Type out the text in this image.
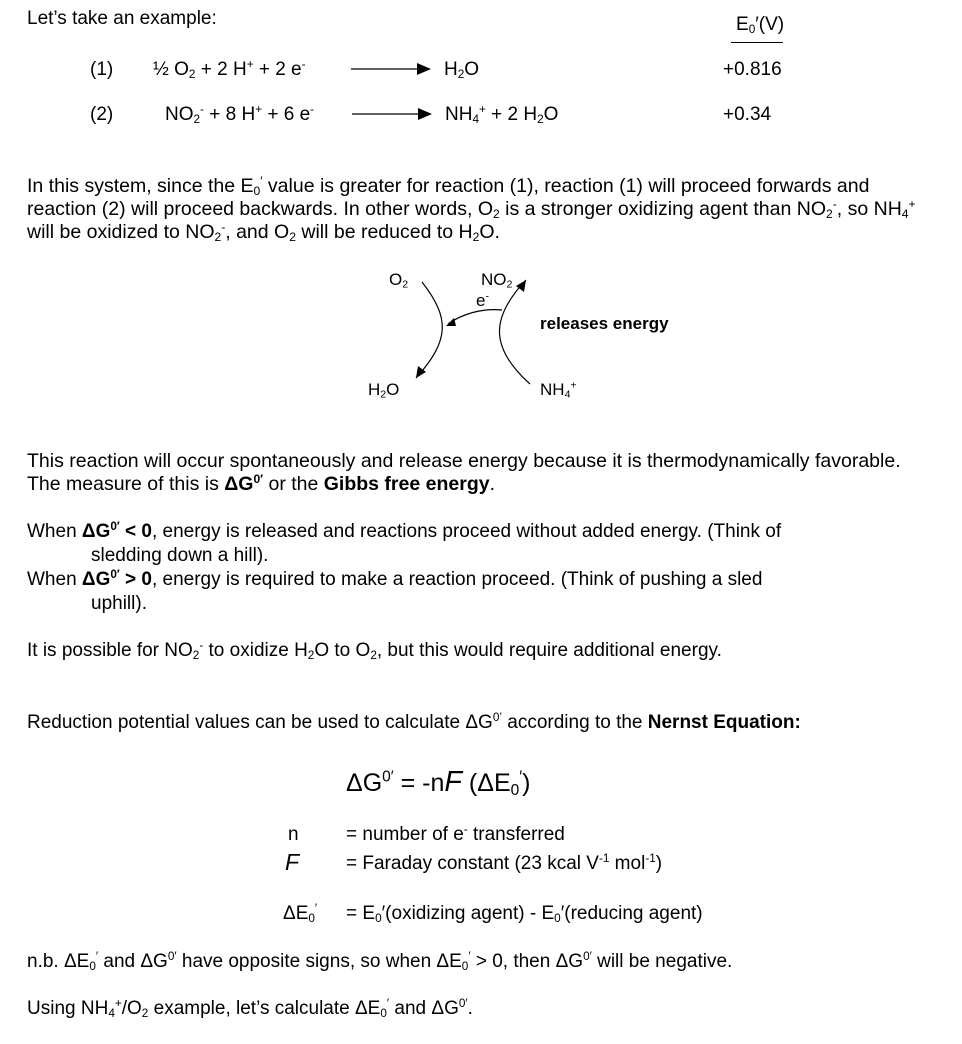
Let’s take an example:	$E_0'(V)$
(1) ½ $O_2 + 2$ H+ + 2 e-	$H_2O$	+0.816
(2)	$NO_2^- + 8$ H+ + 6 e-	$NH_4^+ + 2$ $H_2O$	+0.34
In this system, since the $E_0'$ value is greater for reaction (1), reaction (1) will proceed forwards and reaction (2) will proceed backwards. In other words, $O_2$ is a stronger oxidizing agent than $NO_2^-$, so $NH_4^+$ will be oxidized to $NO_2^-$, and $O_2$ will be reduced to $H_2O$.
$O_2$	$NO_2$
e-
$H_2O$	$NH_4^+$
releases energy
This reaction will occur spontaneously and release energy because it is thermodynamically favorable. The measure of this is $\Delta G^{0'}$ or the Gibbs free energy.
When $\Delta G^{0'} < 0$, energy is released and reactions proceed without added energy. (Think of
sledding down a hill).
When $\Delta G^{0'} > 0$, energy is required to make a reaction proceed. (Think of pushing a sled
uphill).
It is possible for $NO_2^-$ to oxidize $H_2O$ to $O_2$, but this would require additional energy.
Reduction potential values can be used to calculate $\Delta G^{0’}$ according to the Nernst Equation:
$\Delta G^{0'} = -nF$ $(\Delta E_0')$
n = number of e- transferred
F = Faraday constant (23 kcal $V^{-1}$ mol$^{-1}$)
$\Delta E_0'$ = $E_0'(oxidizing$ agent) - $E_0'(reducing$ agent)
n.b. $\Delta E_0'$ and $\Delta G^{0'}$ have opposite signs, so when $\Delta E_0' > 0$, then $\Delta G^{0'}$ will be negative.
Using $NH_4^+/O_2$ example, let’s calculate $\Delta E_0'$ and $\Delta G^{0'}$.
